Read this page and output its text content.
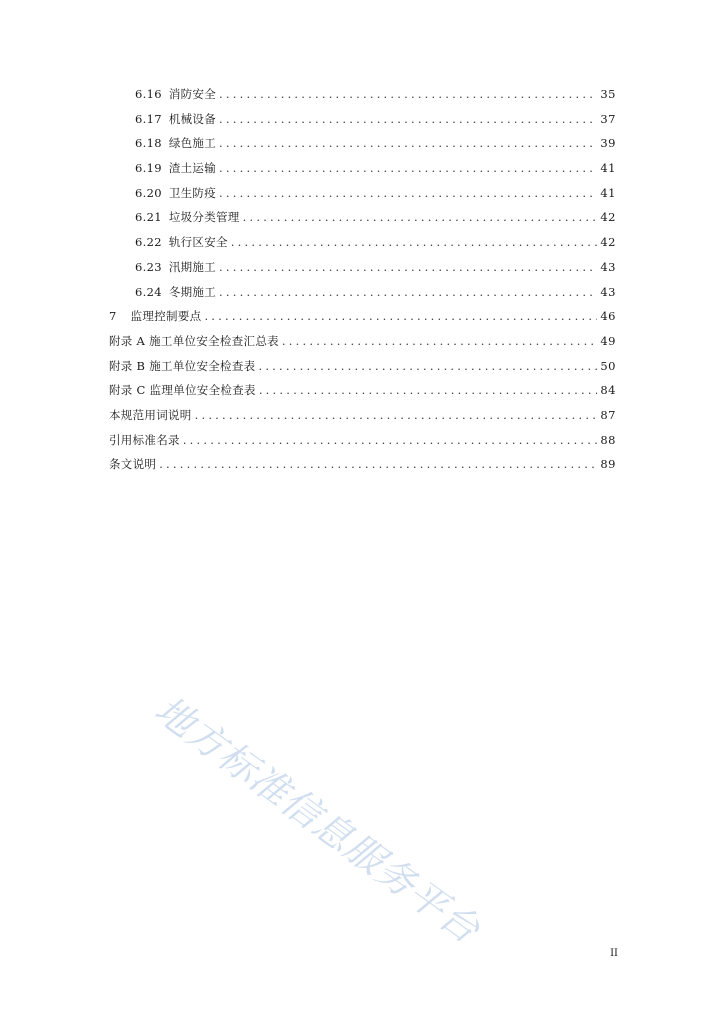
6.16 消防安全 .....	35
6.17 机械设备 .....	37
6.18 绿色施工 .....	39
6.19 渣土运输 .....	41
6.20 卫生防疫 .....	41
6.21 垃圾分类管理 .....	42
6.22 轨行区安全 .....	42
6.23 汛期施工 .....	43
6.24 冬期施工 .....	43
7 监理控制要点 .....	46
附录 A 施工单位安全检查汇总表 .....	49
附录 B 施工单位安全检查表 .....	50
附录 C 监理单位安全检查表 .....	84
本规范用词说明 .....	87
引用标准名录 .....	88
条文说明 .....	89
地方标准信息服务平台
II
